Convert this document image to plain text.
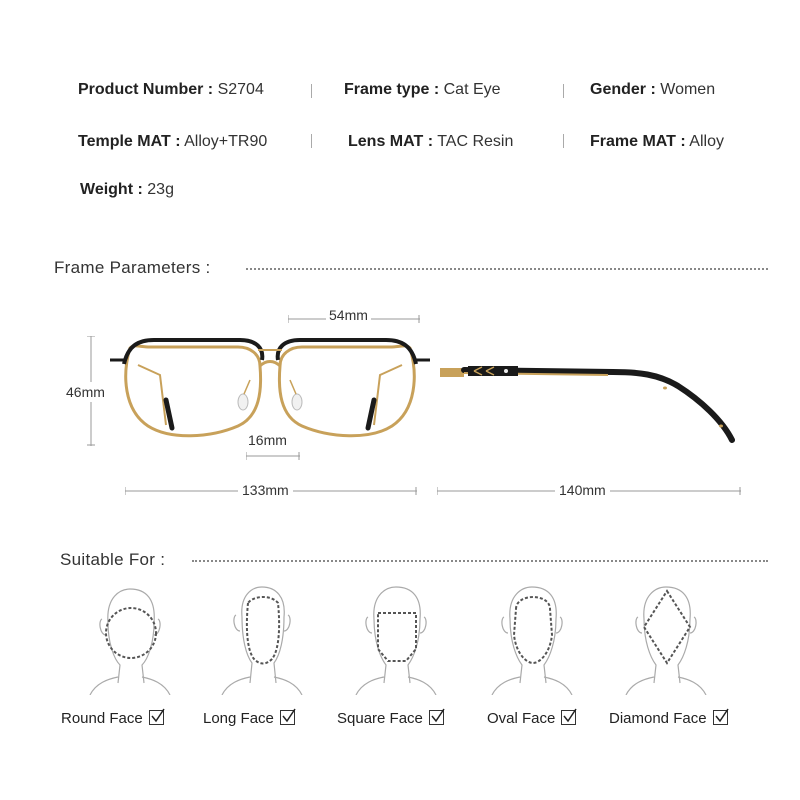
Product Number : S2704	Frame type : Cat Eye	Gender : Women
Temple MAT : Alloy+TR90	Lens MAT : TAC Resin	Frame MAT : Alloy
Weight : 23g
Frame Parameters :
54mm
46mm
16mm
133mm	140mm
Suitable For :
Round Face	Long Face	Square Face	Oval Face	Diamond Face
